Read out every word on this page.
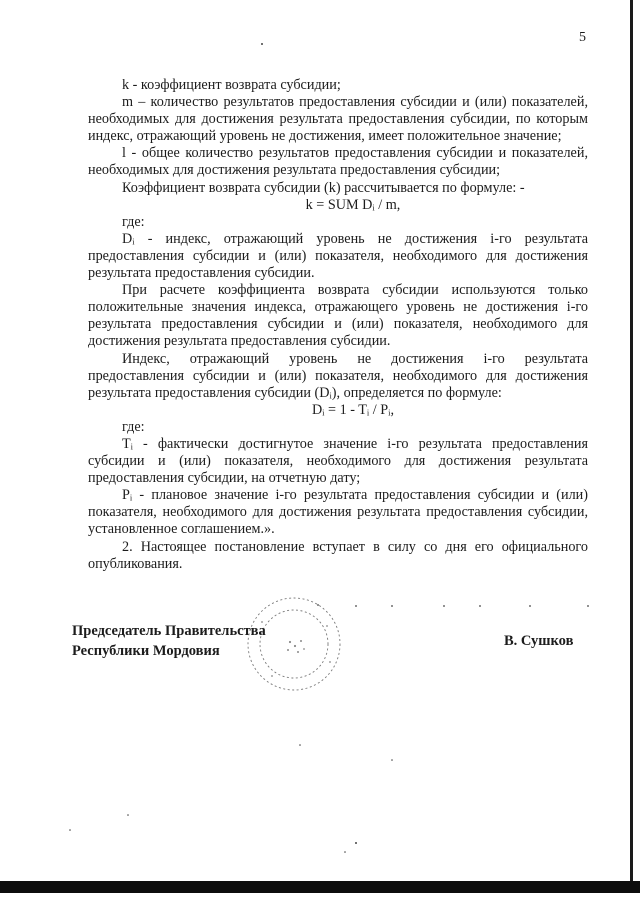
5

k - коэффициент возврата субсидии;

m – количество результатов предоставления субсидии и (или) показателей, необходимых для достижения результата предоставления субсидии, по которым индекс, отражающий уровень не достижения, имеет положительное значение;

l - общее количество результатов предоставления субсидии и показателей, необходимых для достижения результата предоставления субсидии;

Коэффициент возврата субсидии (k) рассчитывается по формуле: -

k = SUM Dᵢ / m,

где:

Dᵢ - индекс, отражающий уровень не достижения i-го результата предоставления субсидии и (или) показателя, необходимого для достижения результата предоставления субсидии.

При расчете коэффициента возврата субсидии используются только положительные значения индекса, отражающего уровень не достижения i-го результата предоставления субсидии и (или) показателя, необходимого для достижения результата предоставления субсидии.

Индекс, отражающий уровень не достижения i-го результата предоставления субсидии и (или) показателя, необходимого для достижения результата предоставления субсидии (Dᵢ), определяется по формуле:

Dᵢ = 1 - Tᵢ / Pᵢ,

где:

Tᵢ - фактически достигнутое значение i-го результата предоставления субсидии и (или) показателя, необходимого для достижения результата предоставления субсидии, на отчетную дату;

Pᵢ - плановое значение i-го результата предоставления субсидии и (или) показателя, необходимого для достижения результата предоставления субсидии, установленное соглашением.».

2. Настоящее постановление вступает в силу со дня его официального опубликования.

Председатель Правительства
Республики Мордовия
В. Сушков
